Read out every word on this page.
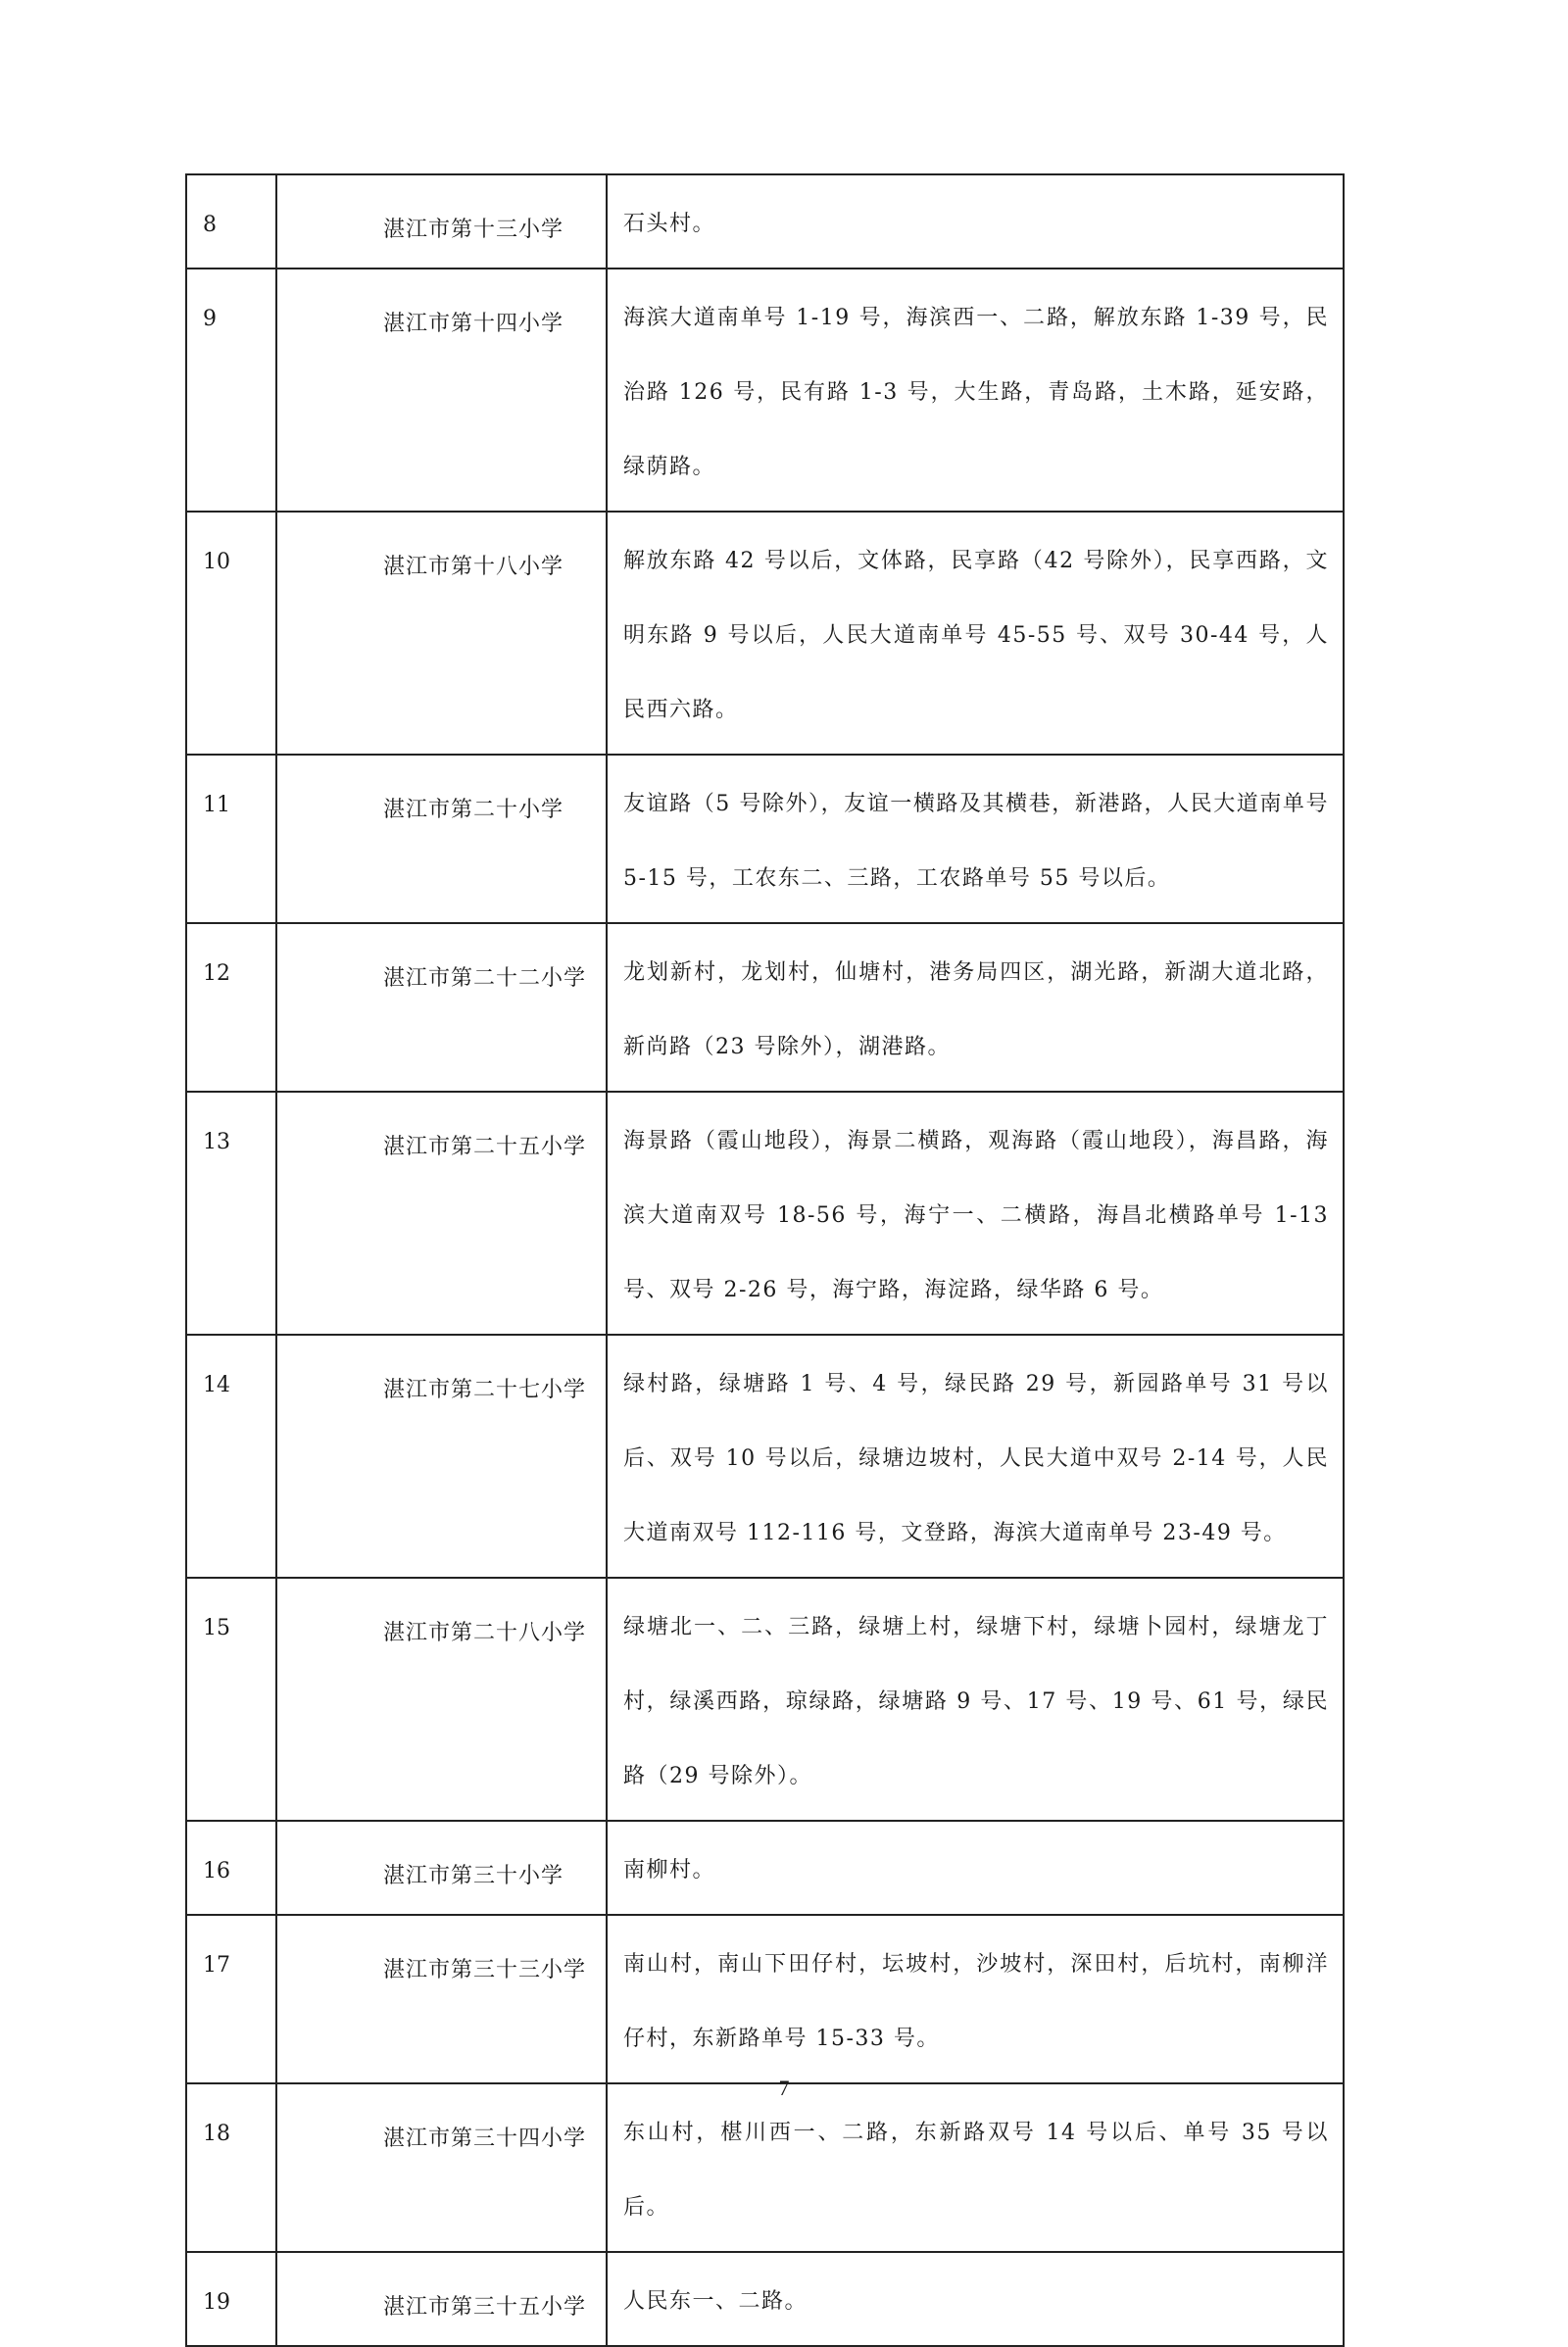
8	湛江市第十三小学	石头村。

9	湛江市第十四小学	海滨大道南单号 1-19 号，海滨西一、二路，解放东路 1-39 号，民治路 126 号，民有路 1-3 号，大生路，青岛路，土木路，延安路，绿荫路。

10	湛江市第十八小学	解放东路 42 号以后，文体路，民享路（42 号除外），民享西路，文明东路 9 号以后，人民大道南单号 45-55 号、双号 30-44 号，人民西六路。

11	湛江市第二十小学	友谊路（5 号除外），友谊一横路及其横巷，新港路，人民大道南单号 5-15 号，工农东二、三路，工农路单号 55 号以后。

12	湛江市第二十二小学	龙划新村，龙划村，仙塘村，港务局四区，湖光路，新湖大道北路，新尚路（23 号除外），湖港路。

13	湛江市第二十五小学	海景路（霞山地段），海景二横路，观海路（霞山地段），海昌路，海滨大道南双号 18-56 号，海宁一、二横路，海昌北横路单号 1-13 号、双号 2-26 号，海宁路，海淀路，绿华路 6 号。

14	湛江市第二十七小学	绿村路，绿塘路 1 号、4 号，绿民路 29 号，新园路单号 31 号以后、双号 10 号以后，绿塘边坡村，人民大道中双号 2-14 号，人民大道南双号 112-116 号，文登路，海滨大道南单号 23-49 号。

15	湛江市第二十八小学	绿塘北一、二、三路，绿塘上村，绿塘下村，绿塘卜园村，绿塘龙丁村，绿溪西路，琼绿路，绿塘路 9 号、17 号、19 号、61 号，绿民路（29 号除外）。

16	湛江市第三十小学	南柳村。

17	湛江市第三十三小学	南山村，南山下田仔村，坛坡村，沙坡村，深田村，后坑村，南柳洋仔村，东新路单号 15-33 号。

18	湛江市第三十四小学	东山村，椹川西一、二路，东新路双号 14 号以后、单号 35 号以后。

19	湛江市第三十五小学	人民东一、二路。
7
